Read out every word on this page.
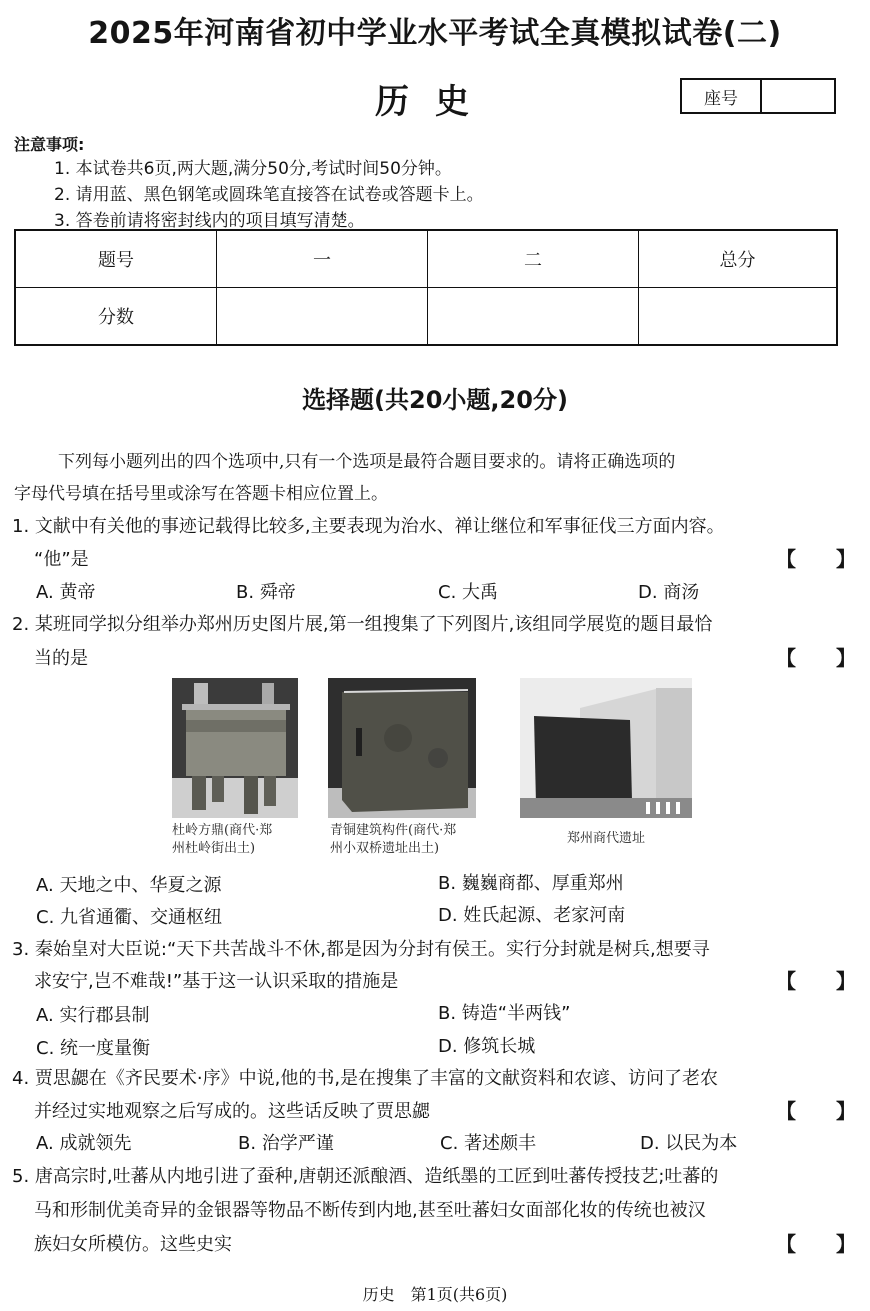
2025年河南省初中学业水平考试全真模拟试卷(二)
历史	座号
注意事项:
1. 本试卷共6页,两大题,满分50分,考试时间50分钟。
2. 请用蓝、黑色钢笔或圆珠笔直接答在试卷或答题卡上。
3. 答卷前请将密封线内的项目填写清楚。
题号	一	二	总分
分数			
选择题(共20小题,20分)
下列每小题列出的四个选项中,只有一个选项是最符合题目要求的。请将正确选项的
字母代号填在括号里或涂写在答题卡相应位置上。
1. 文献中有关他的事迹记载得比较多,主要表现为治水、禅让继位和军事征伐三方面内容。
“他”是	【　　】
A. 黄帝	B. 舜帝	C. 大禹	D. 商汤
2. 某班同学拟分组举办郑州历史图片展,第一组搜集了下列图片,该组同学展览的题目最恰
当的是	【　　】
杜岭方鼎(商代·郑
州杜岭街出土)
青铜建筑构件(商代·郑
州小双桥遗址出土)
郑州商代遗址
A. 天地之中、华夏之源	B. 巍巍商都、厚重郑州
C. 九省通衢、交通枢纽	D. 姓氏起源、老家河南
3. 秦始皇对大臣说:“天下共苦战斗不休,都是因为分封有侯王。实行分封就是树兵,想要寻
求安宁,岂不难哉!”基于这一认识采取的措施是	【　　】
A. 实行郡县制	B. 铸造“半两钱”
C. 统一度量衡	D. 修筑长城
4. 贾思勰在《齐民要术·序》中说,他的书,是在搜集了丰富的文献资料和农谚、访问了老农
并经过实地观察之后写成的。这些话反映了贾思勰	【　　】
A. 成就领先	B. 治学严谨	C. 著述颇丰	D. 以民为本
5. 唐高宗时,吐蕃从内地引进了蚕种,唐朝还派酿酒、造纸墨的工匠到吐蕃传授技艺;吐蕃的
马和形制优美奇异的金银器等物品不断传到内地,甚至吐蕃妇女面部化妆的传统也被汉
族妇女所模仿。这些史实	【　　】
历史　第1页(共6页)
